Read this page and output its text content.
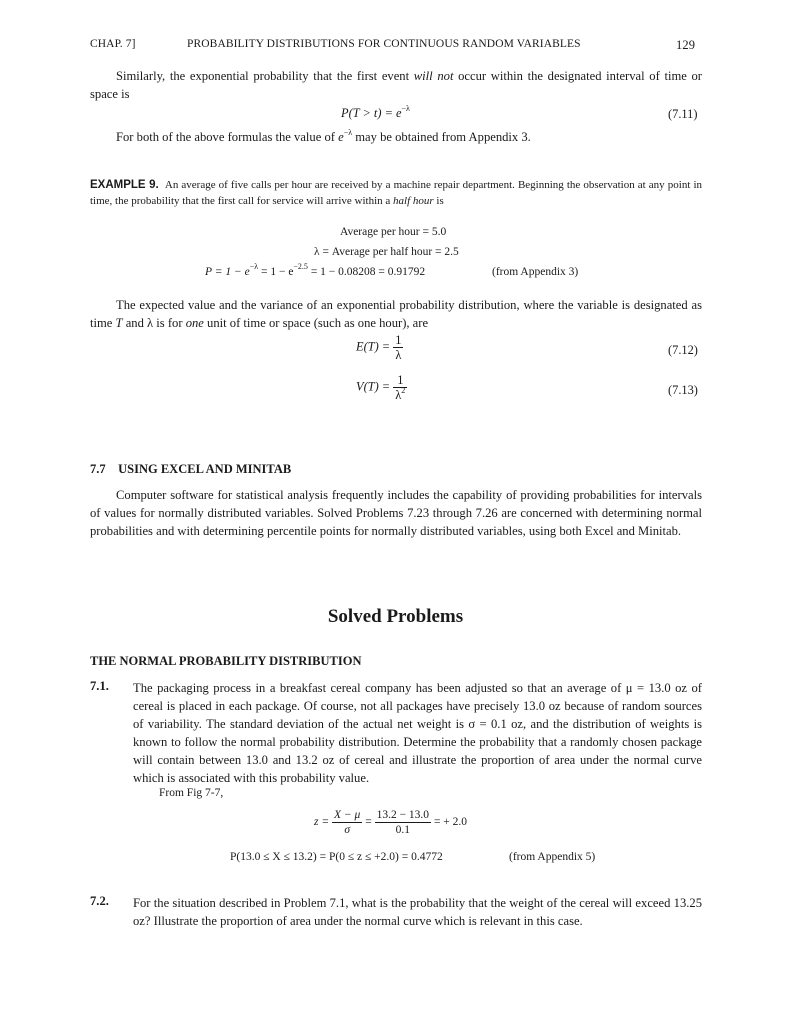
CHAP. 7]	PROBABILITY DISTRIBUTIONS FOR CONTINUOUS RANDOM VARIABLES	129
Similarly, the exponential probability that the first event will not occur within the designated interval of time or space is
$P(T > t) = e^{-\lambda}$	(7.11)
For both of the above formulas the value of $e^{-\lambda}$ may be obtained from Appendix 3.
EXAMPLE 9. An average of five calls per hour are received by a machine repair department. Beginning the observation at any point in time, the probability that the first call for service will arrive within a half hour is
Average per hour = 5.0
λ = Average per half hour = 2.5
$P = 1 - e^{-\lambda} = 1 - e^{-2.5} = 1 - 0.08208 = 0.91792$	(from Appendix 3)
The expected value and the variance of an exponential probability distribution, where the variable is designated as time T and λ is for one unit of time or space (such as one hour), are
$E(T) = \frac{1}{\lambda}$	(7.12)
$V(T) = \frac{1}{\lambda^2}$	(7.13)
7.7 USING EXCEL AND MINITAB
Computer software for statistical analysis frequently includes the capability of providing probabilities for intervals of values for normally distributed variables. Solved Problems 7.23 through 7.26 are concerned with determining normal probabilities and with determining percentile points for normally distributed variables, using both Excel and Minitab.
Solved Problems
THE NORMAL PROBABILITY DISTRIBUTION
7.1. The packaging process in a breakfast cereal company has been adjusted so that an average of μ = 13.0 oz of cereal is placed in each package. Of course, not all packages have precisely 13.0 oz because of random sources of variability. The standard deviation of the actual net weight is σ = 0.1 oz, and the distribution of weights is known to follow the normal probability distribution. Determine the probability that a randomly chosen package will contain between 13.0 and 13.2 oz of cereal and illustrate the proportion of area under the normal curve which is associated with this probability value.
From Fig 7-7,
$z = \frac{X - \mu}{\sigma} = \frac{13.2 - 13.0}{0.1}$ = + 2.0
P(13.0 ≤ X ≤ 13.2) = P(0 ≤ z ≤ +2.0) = 0.4772	(from Appendix 5)
7.2. For the situation described in Problem 7.1, what is the probability that the weight of the cereal will exceed 13.25 oz? Illustrate the proportion of area under the normal curve which is relevant in this case.
